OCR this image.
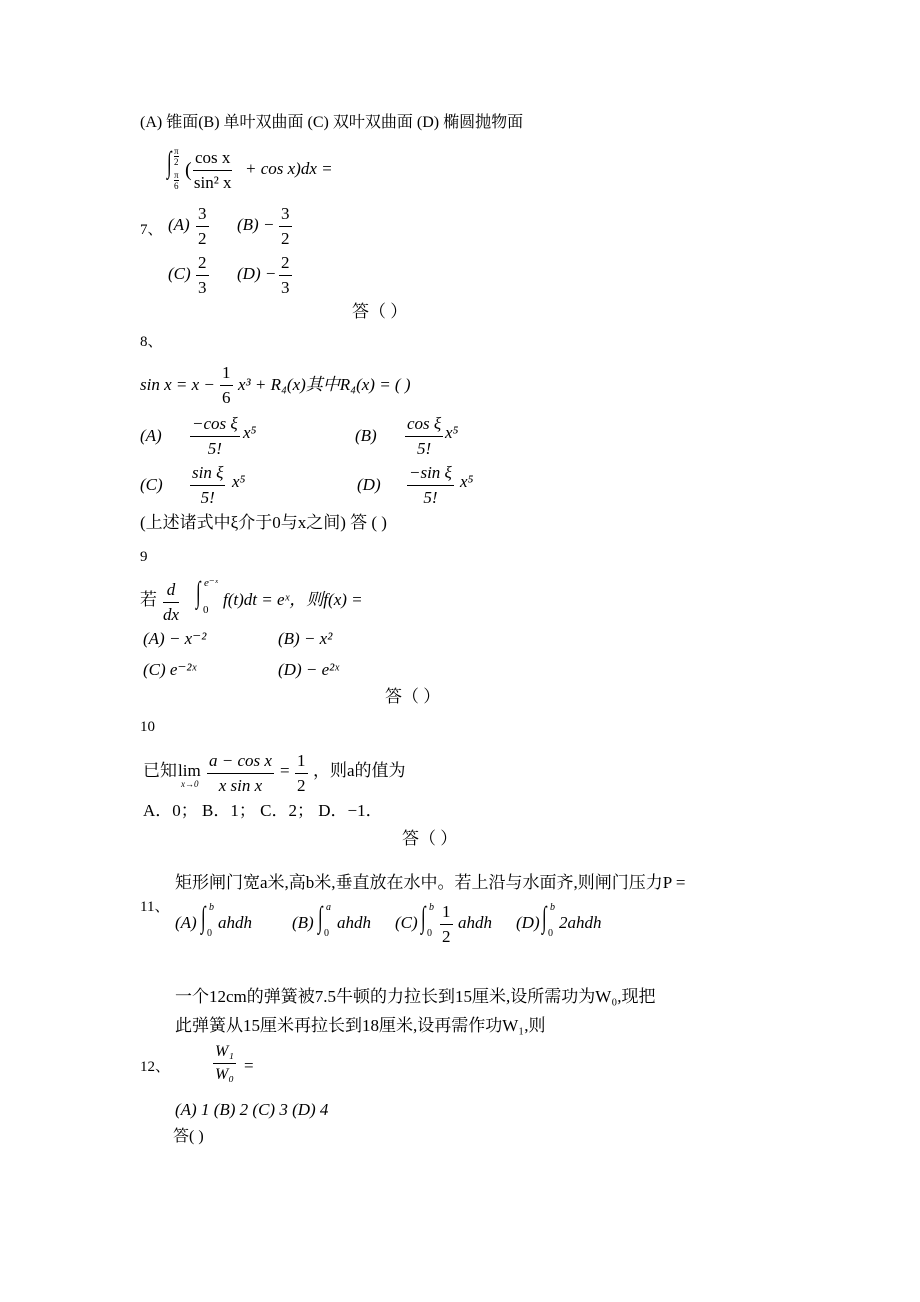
(A) 锥面(B) 单叶双曲面 (C) 双叶双曲面 (D) 椭圆抛物面
∫ π
2
π
6
(
cos x
sin² x
+ cos x)dx =
7、 (A)
3
2
(B) −
3
2
(C)
2
3
(D) −
2
3
答（ ）
8、
sin x = x −
1
6
x³ + R₄(x)其中R₄(x) = ( )
(A)
−cos ξ
5!
x⁵	(B)
cos ξ
5!
x⁵
(C)
sin ξ
5!
x⁵	(D)
−sin ξ
5!
x⁵
(上述诸式中ξ介于0与x之间) 答 ( )
9
若
d
dx
∫ e⁻ˣ
0
f(t)dt = eˣ，则f(x) =
(A) − x⁻²	(B) − x²
(C) e⁻²ˣ	(D) − e²ˣ
答（ ）
10
已知 lim
x→0
a − cos x
x sin x
=
1
2
，则a的值为
A．0； B．1； C．2； D．−1．
答（ ）
矩形闸门宽a米,高b米,垂直放在水中。若上沿与水面齐,则闸门压力P =
11、
(A) ∫ b
0
ahdh (B) ∫ a
0
ahdh (C) ∫ b
0
1
2
ahdh (D) ∫ b
0
2ahdh
一个12cm的弹簧被7.5牛顿的力拉长到15厘米,设所需功为W₀,现把
此弹簧从15厘米再拉长到18厘米,设再需作功W₁,则
12、
W₁
W₀ =
(A) 1 (B) 2 (C) 3 (D) 4
答( )
